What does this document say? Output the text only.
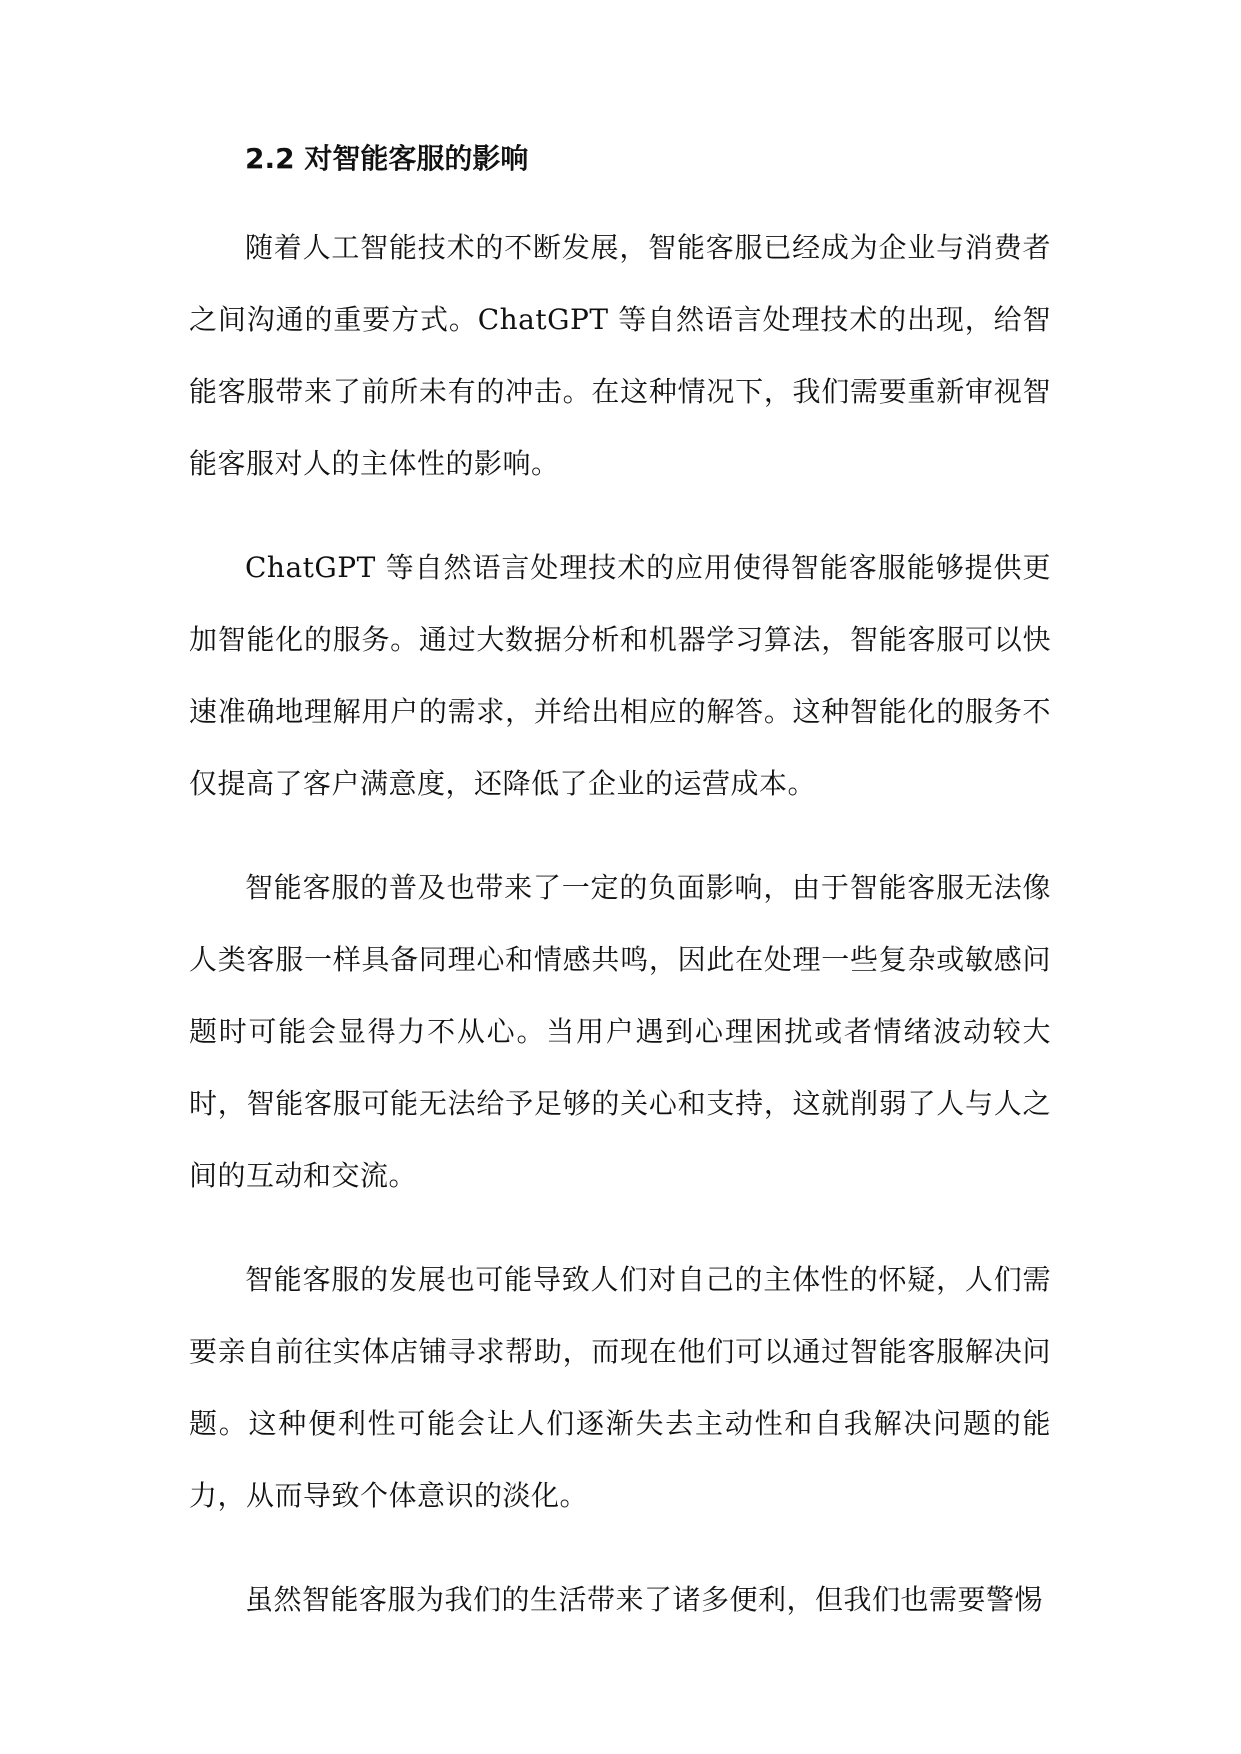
2.2 对智能客服的影响

随着人工智能技术的不断发展，智能客服已经成为企业与消费者之间沟通的重要方式。ChatGPT 等自然语言处理技术的出现，给智能客服带来了前所未有的冲击。在这种情况下，我们需要重新审视智能客服对人的主体性的影响。

ChatGPT 等自然语言处理技术的应用使得智能客服能够提供更加智能化的服务。通过大数据分析和机器学习算法，智能客服可以快速准确地理解用户的需求，并给出相应的解答。这种智能化的服务不仅提高了客户满意度，还降低了企业的运营成本。

智能客服的普及也带来了一定的负面影响，由于智能客服无法像人类客服一样具备同理心和情感共鸣，因此在处理一些复杂或敏感问题时可能会显得力不从心。当用户遇到心理困扰或者情绪波动较大时，智能客服可能无法给予足够的关心和支持，这就削弱了人与人之间的互动和交流。

智能客服的发展也可能导致人们对自己的主体性的怀疑，人们需要亲自前往实体店铺寻求帮助，而现在他们可以通过智能客服解决问题。这种便利性可能会让人们逐渐失去主动性和自我解决问题的能力，从而导致个体意识的淡化。

虽然智能客服为我们的生活带来了诸多便利，但我们也需要警惕
